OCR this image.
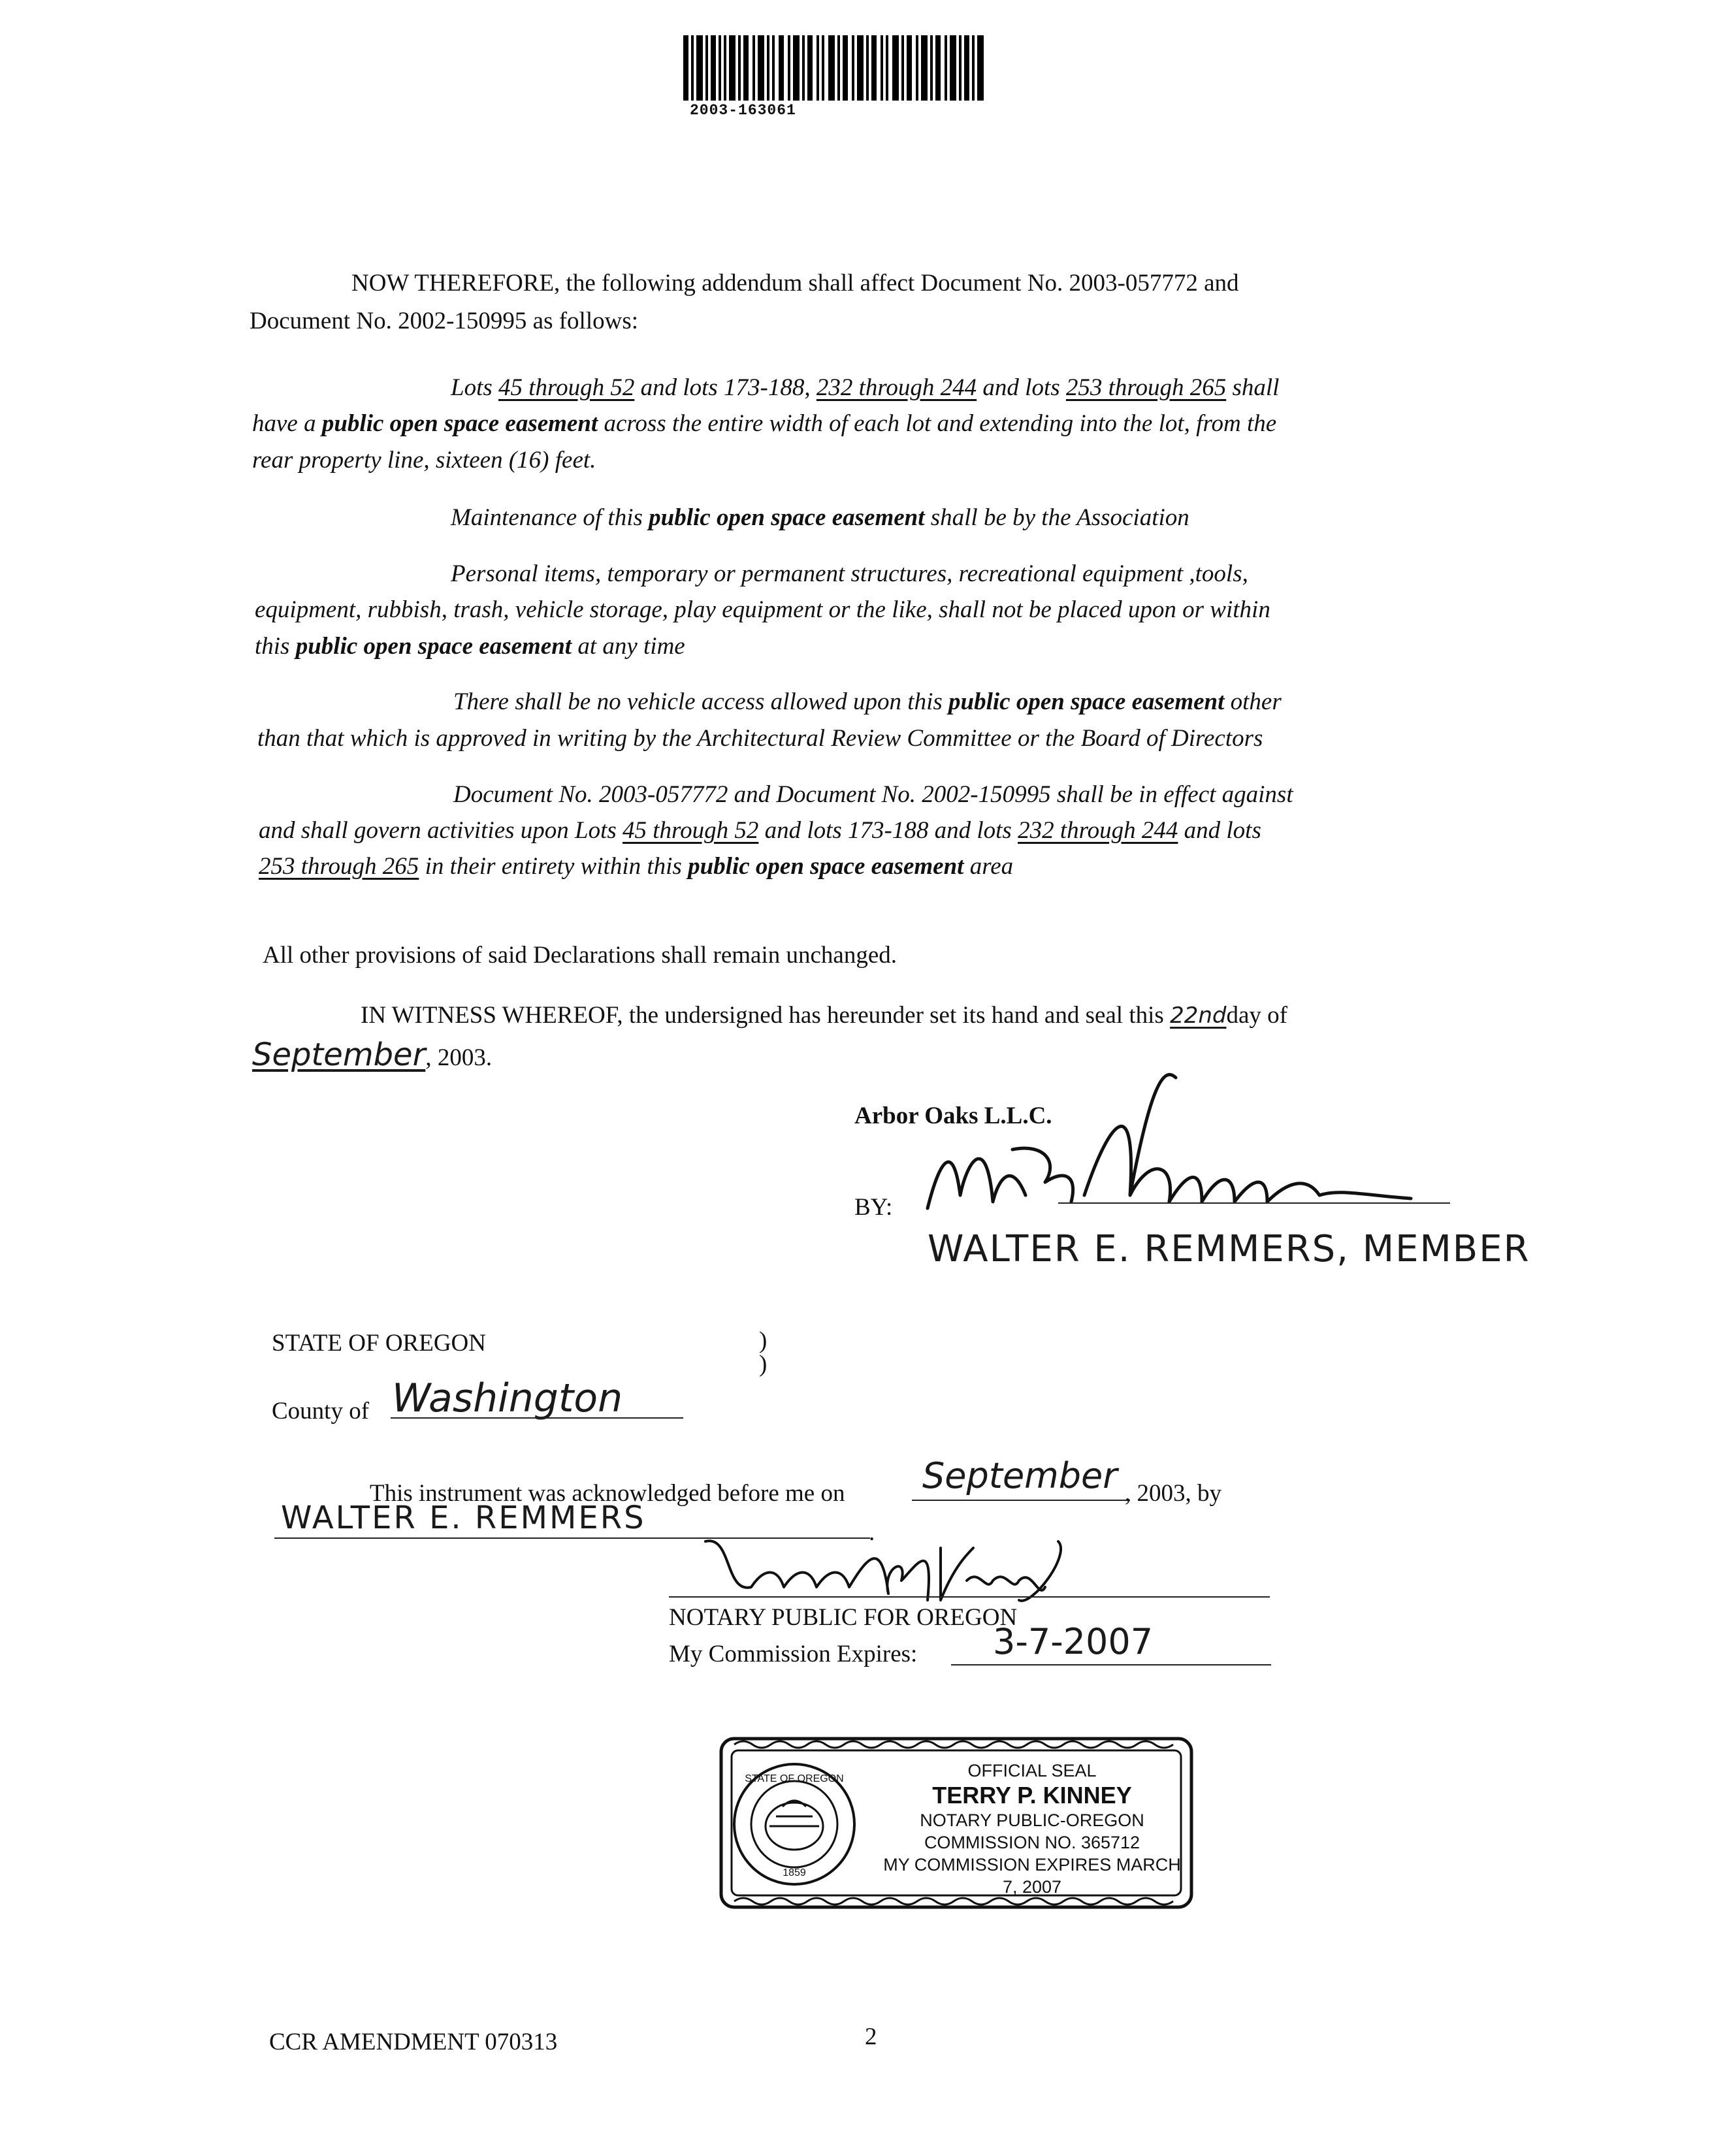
2003-163061
NOW THEREFORE, the following addendum shall affect Document No. 2003-057772 and
Document No. 2002-150995 as follows:
Lots 45 through 52 and lots 173-188, 232 through 244 and lots 253 through 265 shall
have a public open space easement across the entire width of each lot and extending into the lot, from the
rear property line, sixteen (16) feet.
Maintenance of this public open space easement shall be by the Association
Personal items, temporary or permanent structures, recreational equipment ,tools,
equipment, rubbish, trash, vehicle storage, play equipment or the like, shall not be placed upon or within
this public open space easement at any time
There shall be no vehicle access allowed upon this public open space easement other
than that which is approved in writing by the Architectural Review Committee or the Board of Directors
Document No. 2003-057772 and Document No. 2002-150995 shall be in effect against
and shall govern activities upon Lots 45 through 52 and lots 173-188 and lots 232 through 244 and lots
253 through 265 in their entirety within this public open space easement area
All other provisions of said Declarations shall remain unchanged.
IN WITNESS WHEREOF, the undersigned has hereunder set its hand and seal this 22ndday of
September, 2003.
Arbor Oaks L.L.C.
BY:
WALTER E. REMMERS, MEMBER
STATE OF OREGON	)
)
County of Washington
This instrument was acknowledged before me on September , 2003, by
WALTER E. REMMERS	.
NOTARY PUBLIC FOR OREGON
My Commission Expires: 3-7-2007
STATE OF OREGON
1859
OFFICIAL SEAL
TERRY P. KINNEY
NOTARY PUBLIC-OREGON
COMMISSION NO. 365712
MY COMMISSION EXPIRES MARCH 7, 2007
CCR AMENDMENT 070313	2
